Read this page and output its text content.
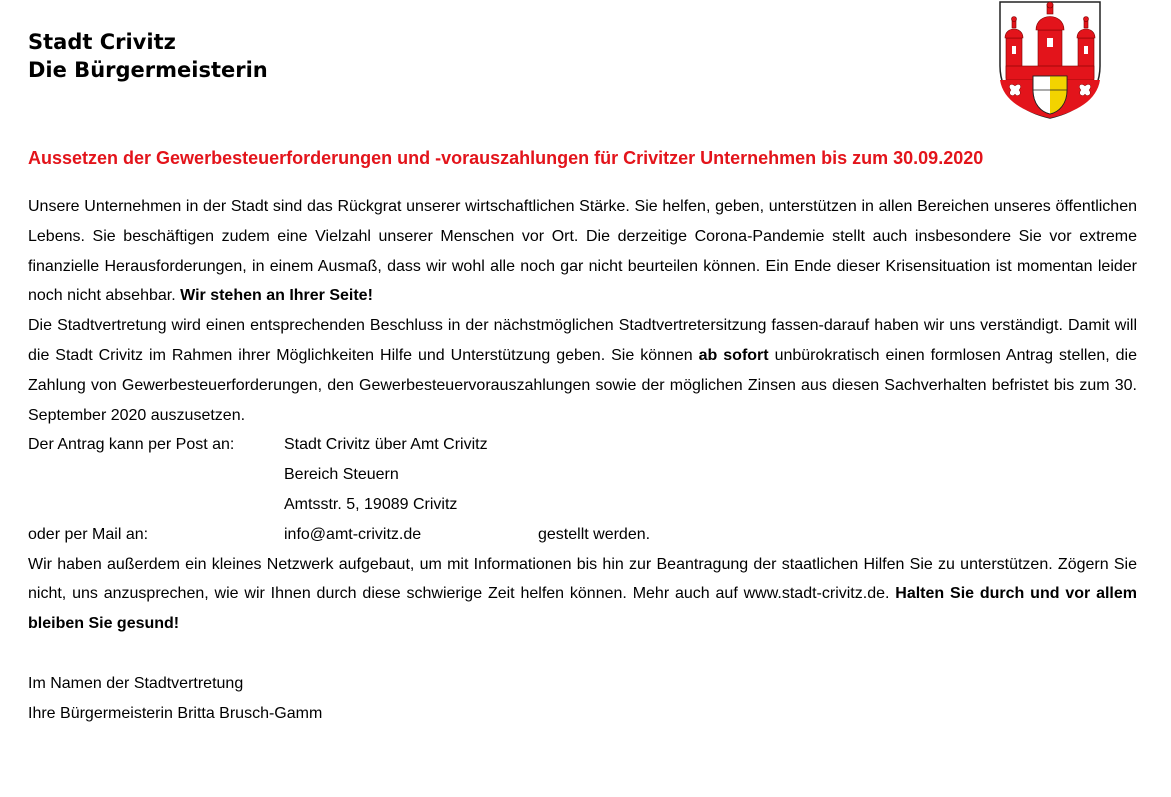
Stadt Crivitz
Die Bürgermeisterin
Aussetzen der Gewerbesteuerforderungen und -vorauszahlungen für Crivitzer Unternehmen bis zum 30.09.2020

Unsere Unternehmen in der Stadt sind das Rückgrat unserer wirtschaftlichen Stärke. Sie helfen, geben, unterstützen in allen Bereichen unseres öffentlichen Lebens. Sie beschäftigen zudem eine Vielzahl unserer Menschen vor Ort. Die derzeitige Corona-Pandemie stellt auch insbesondere Sie vor extreme finanzielle Herausforderungen, in einem Ausmaß, dass wir wohl alle noch gar nicht beurteilen können. Ein Ende dieser Krisensituation ist momentan leider noch nicht absehbar. Wir stehen an Ihrer Seite!

Die Stadtvertretung wird einen entsprechenden Beschluss in der nächstmöglichen Stadtvertretersitzung fassen-darauf haben wir uns verständigt. Damit will die Stadt Crivitz im Rahmen ihrer Möglichkeiten Hilfe und Unterstützung geben. Sie können ab sofort unbürokratisch einen formlosen Antrag stellen, die Zahlung von Gewerbesteuerforderungen, den Gewerbesteuervorauszahlungen sowie der möglichen Zinsen aus diesen Sachverhalten befristet bis zum 30. September 2020 auszusetzen.

Der Antrag kann per Post an:	Stadt Crivitz über Amt Crivitz
Bereich Steuern
Amtsstr. 5, 19089 Crivitz
oder per Mail an:	info@amt-crivitz.de	gestellt werden.

Wir haben außerdem ein kleines Netzwerk aufgebaut, um mit Informationen bis hin zur Beantragung der staatlichen Hilfen Sie zu unterstützen. Zögern Sie nicht, uns anzusprechen, wie wir Ihnen durch diese schwierige Zeit helfen können. Mehr auch auf www.stadt-crivitz.de. Halten Sie durch und vor allem bleiben Sie gesund!

Im Namen der Stadtvertretung
Ihre Bürgermeisterin Britta Brusch-Gamm
